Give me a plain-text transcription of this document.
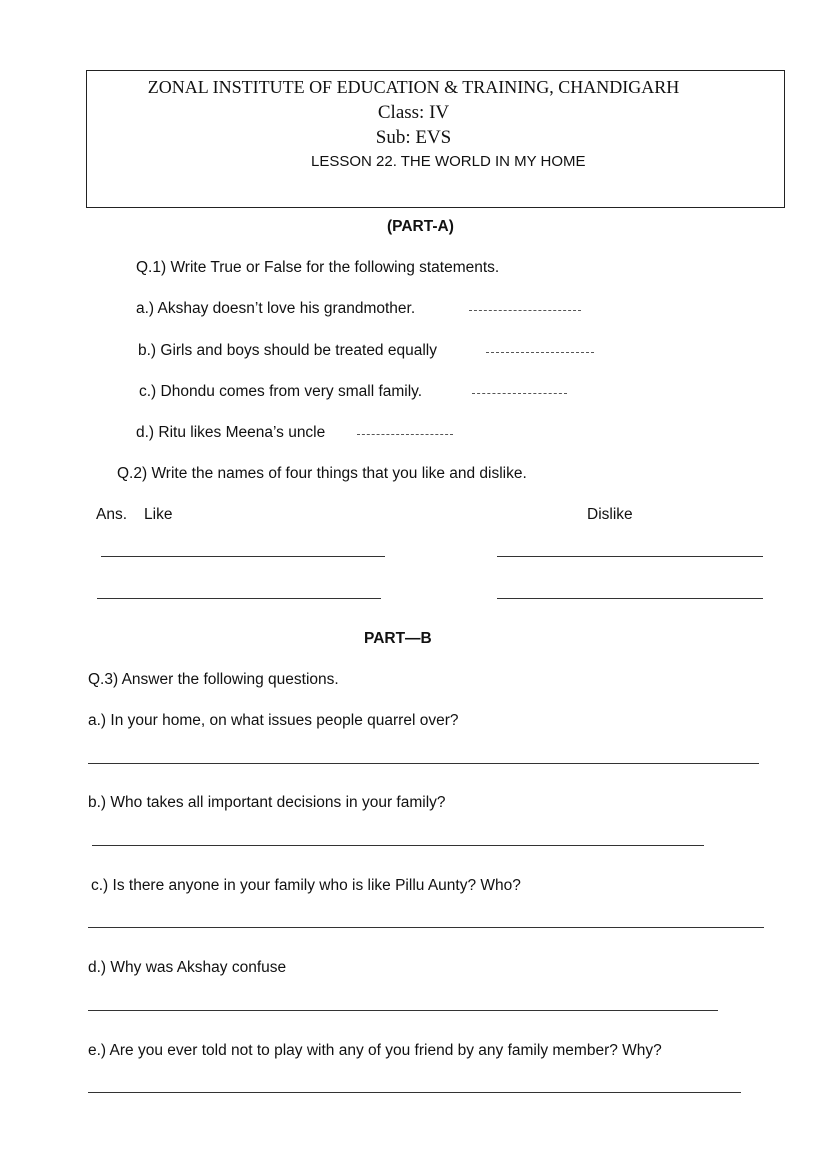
ZONAL INSTITUTE OF EDUCATION & TRAINING, CHANDIGARH
Class: IV
Sub: EVS
LESSON 22. THE WORLD IN MY HOME
(PART-A)
Q.1) Write True or False for the following statements.
a.) Akshay doesn’t love his grandmother.
b.) Girls and boys should be treated equally
c.) Dhondu comes from very small family.
d.) Ritu likes Meena’s uncle
Q.2) Write the names of four things that you like and dislike.
Ans. Like	Dislike
PART—B
Q.3) Answer the following questions.
a.) In your home, on what issues people quarrel over?
b.) Who takes all important decisions in your family?
c.) Is there anyone in your family who is like Pillu Aunty? Who?
d.) Why was Akshay confuse
e.) Are you ever told not to play with any of you friend by any family member? Why?
